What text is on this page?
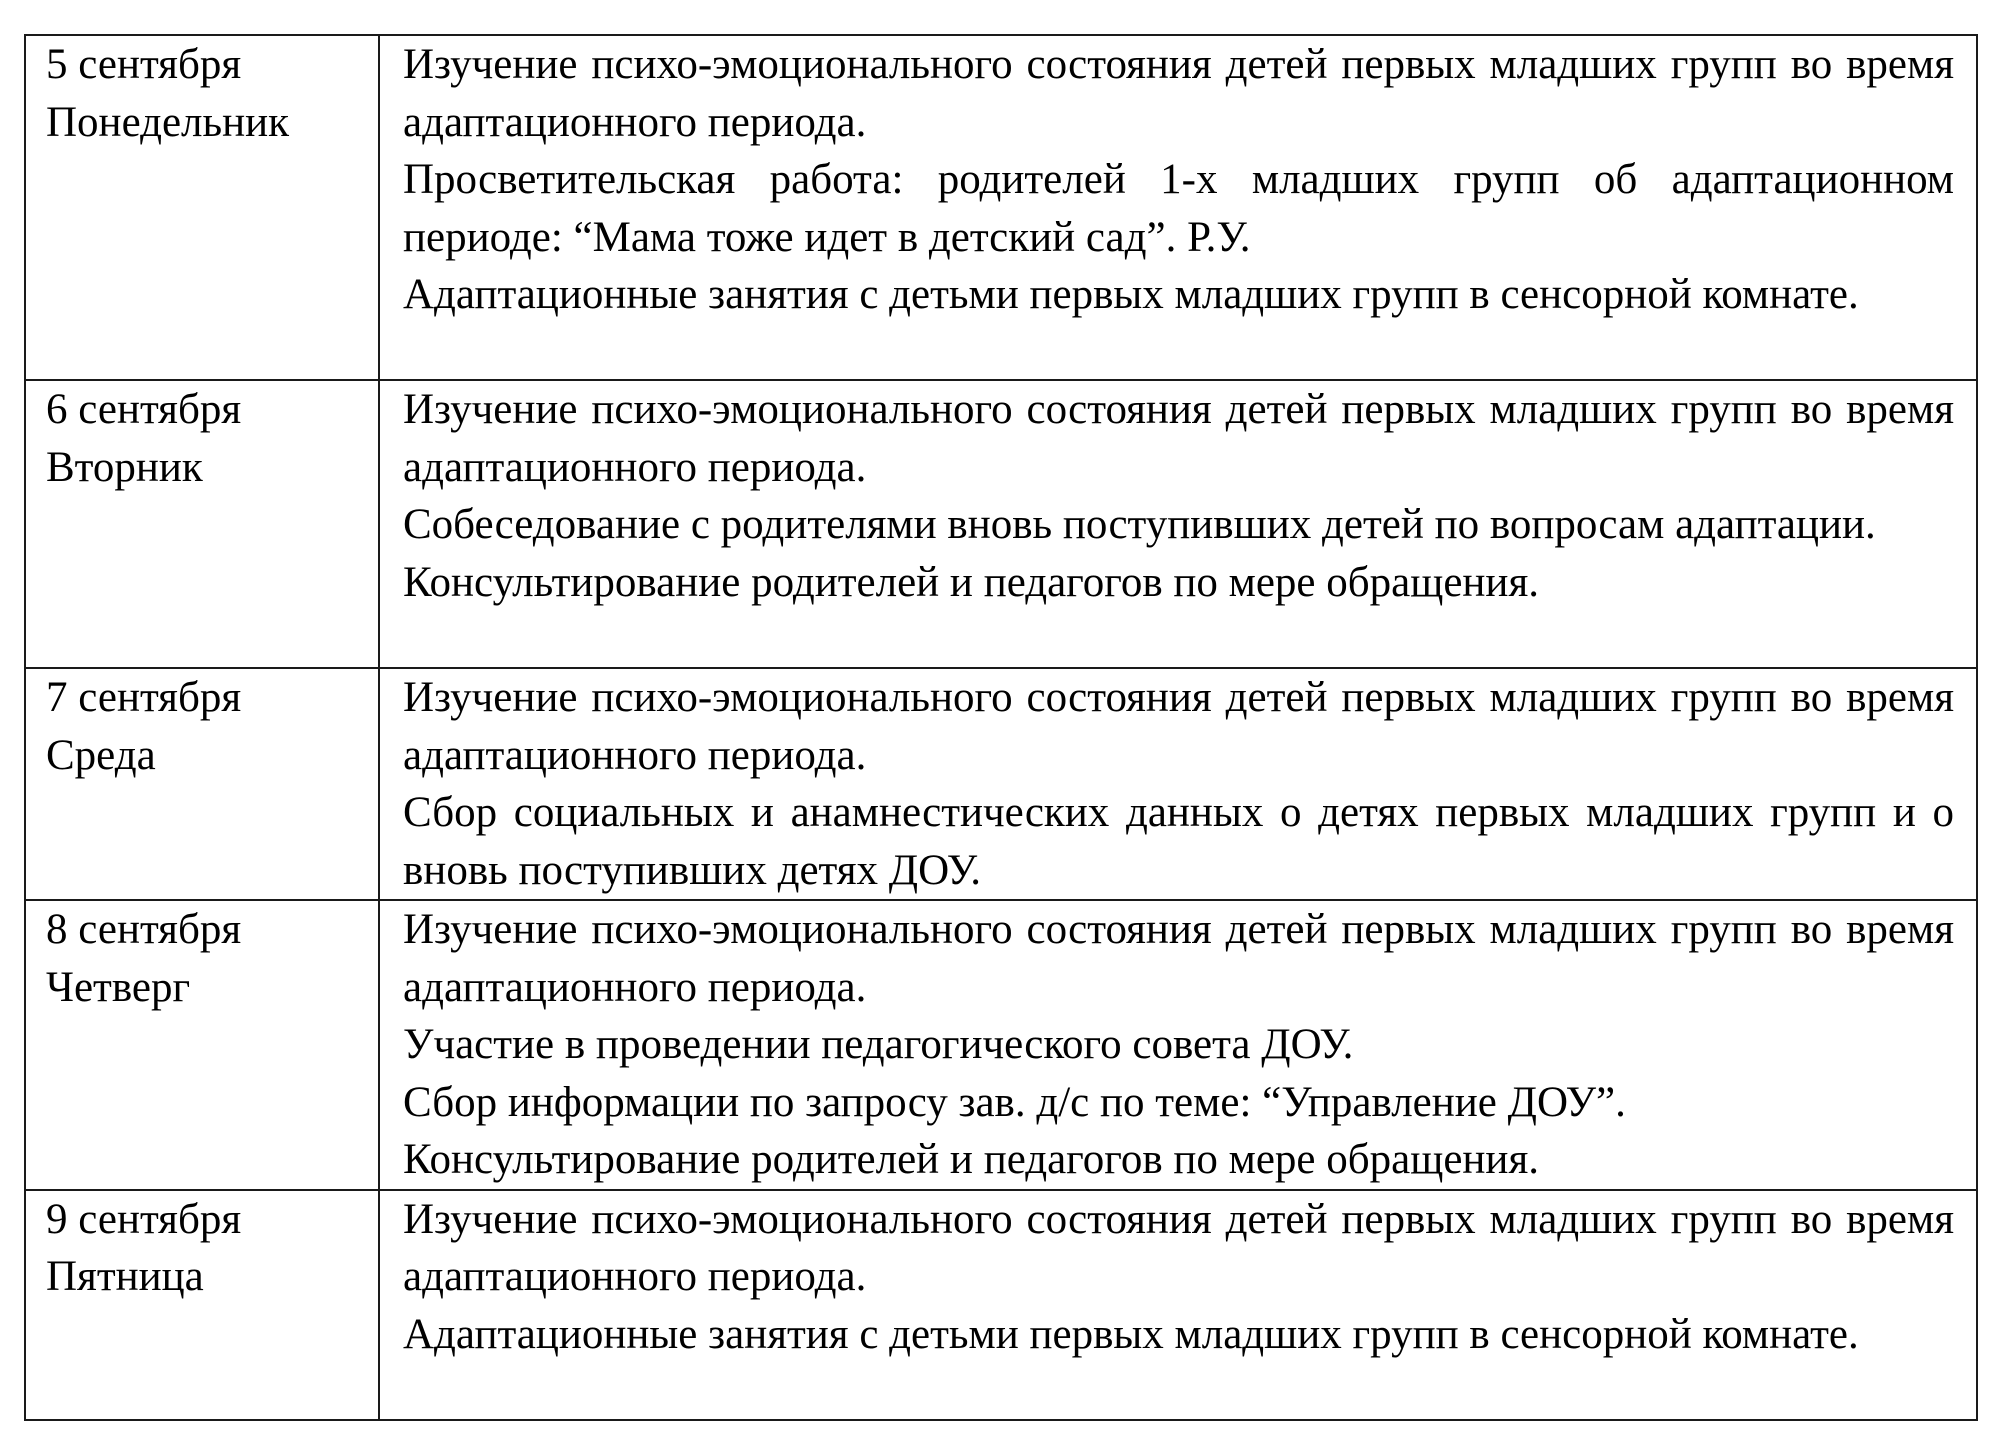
5 сентября
Понедельник	Изучение психо-эмоционального состояния детей первых младших групп во время адаптационного периода.
Просветительская работа: родителей 1-х младших групп об адаптационном периоде: “Мама тоже идет в детский сад”. Р.У.
Адаптационные занятия с детьми первых младших групп в сенсорной комнате.

6 сентября
Вторник	Изучение психо-эмоционального состояния детей первых младших групп во время адаптационного периода.
Собеседование с родителями вновь поступивших детей по вопросам адаптации.
Консультирование родителей и педагогов по мере обращения.

7 сентября
Среда	Изучение психо-эмоционального состояния детей первых младших групп во время адаптационного периода.
Сбор социальных и анамнестических данных о детях первых младших групп и о вновь поступивших детях ДОУ.

8 сентября
Четверг	Изучение психо-эмоционального состояния детей первых младших групп во время адаптационного периода.
Участие в проведении педагогического совета ДОУ.
Сбор информации по запросу зав. д/с по теме: “Управление ДОУ”.
Консультирование родителей и педагогов по мере обращения.

9 сентября
Пятница	Изучение психо-эмоционального состояния детей первых младших групп во время адаптационного периода.
Адаптационные занятия с детьми первых младших групп в сенсорной комнате.
